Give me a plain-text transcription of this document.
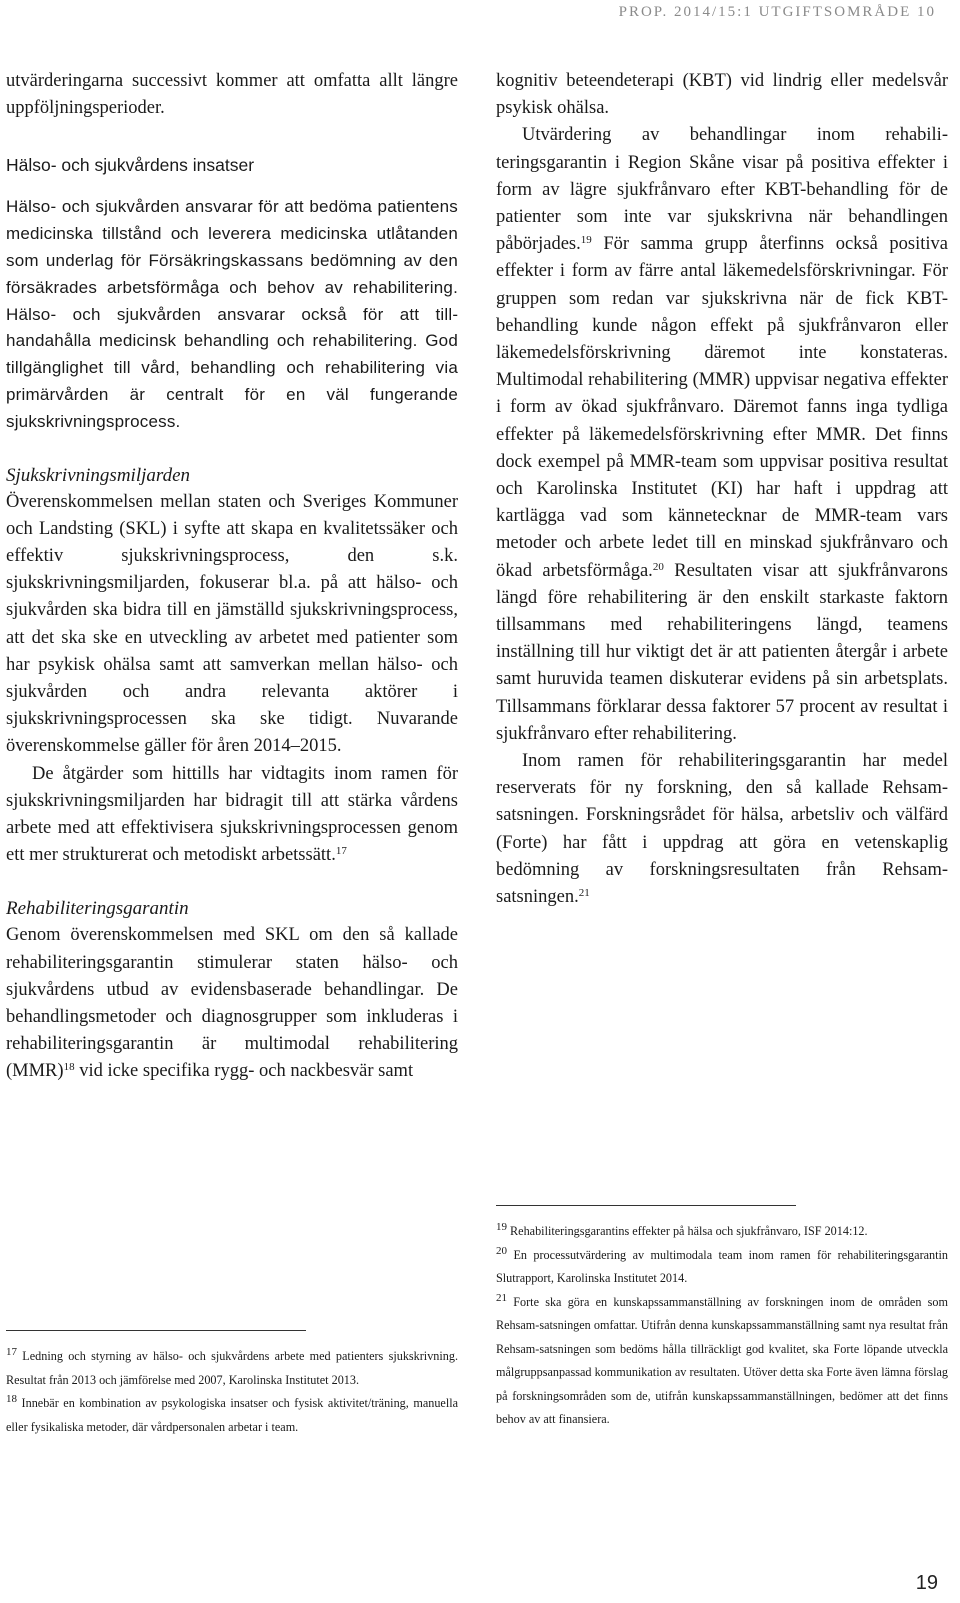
PROP. 2014/15:1 UTGIFTSOMRÅDE 10

utvärderingarna successivt kommer att omfatta allt längre uppföljningsperioder.

Hälso- och sjukvårdens insatser

Hälso- och sjukvården ansvarar för att bedöma patientens medicinska tillstånd och leverera medicinska utlåtanden som underlag för Försäkringskassans bedömning av den försäkrades arbetsförmåga och behov av rehabilitering. Hälso- och sjukvården ansvarar också för att tillhandahålla medicinsk behandling och rehabilitering. God tillgänglighet till vård, behandling och rehabilitering via primärvården är centralt för en väl fungerande sjukskrivningsprocess.

Sjukskrivningsmiljarden

Överenskommelsen mellan staten och Sveriges Kommuner och Landsting (SKL) i syfte att skapa en kvalitetssäker och effektiv sjukskrivningsprocess, den s.k. sjukskrivningsmiljarden, fokuserar bl.a. på att hälso- och sjukvården ska bidra till en jämställd sjukskrivningsprocess, att det ska ske en utveckling av arbetet med patienter som har psykisk ohälsa samt att samverkan mellan hälso- och sjukvården och andra relevanta aktörer i sjukskrivningsprocessen ska ske tidigt. Nuvarande överenskommelse gäller för åren 2014–2015.

De åtgärder som hittills har vidtagits inom ramen för sjukskrivningsmiljarden har bidragit till att stärka vårdens arbete med att effektivisera sjukskrivningsprocessen genom ett mer strukturerat och metodiskt arbetssätt.$^{17}$

Rehabiliteringsgarantin

Genom överenskommelsen med SKL om den så kallade rehabiliteringsgarantin stimulerar staten hälso- och sjukvårdens utbud av evidensbaserade behandlingar. De behandlingsmetoder och diagnosgrupper som inkluderas i rehabiliteringsgarantin är multimodal rehabilitering (MMR)$^{18}$ vid icke specifika rygg- och nackbesvär samt

kognitiv beteendeterapi (KBT) vid lindrig eller medelsvår psykisk ohälsa.

Utvärdering av behandlingar inom rehabiliteringsgarantin i Region Skåne visar på positiva effekter i form av lägre sjukfrånvaro efter KBT-behandling för de patienter som inte var sjukskrivna när behandlingen påbörjades.$^{19}$ För samma grupp återfinns också positiva effekter i form av färre antal läkemedelsförskrivningar. För gruppen som redan var sjukskrivna när de fick KBT-behandling kunde någon effekt på sjukfrånvaron eller läkemedelsförskrivning däremot inte konstateras. Multimodal rehabilitering (MMR) uppvisar negativa effekter i form av ökad sjukfrånvaro. Däremot fanns inga tydliga effekter på läkemedelsförskrivning efter MMR. Det finns dock exempel på MMR-team som uppvisar positiva resultat och Karolinska Institutet (KI) har haft i uppdrag att kartlägga vad som kännetecknar de MMR-team vars metoder och arbete ledet till en minskad sjukfrånvaro och ökad arbetsförmåga.$^{20}$ Resultaten visar att sjukfrånvarons längd före rehabilitering är den enskilt starkaste faktorn tillsammans med rehabiliteringens längd, teamens inställning till hur viktigt det är att patienten återgår i arbete samt huruvida teamen diskuterar evidens på sin arbetsplats. Tillsammans förklarar dessa faktorer 57 procent av resultat i sjukfrånvaro efter rehabilitering.

Inom ramen för rehabiliteringsgarantin har medel reserverats för ny forskning, den så kallade Rehsam-satsningen. Forskningsrådet för hälsa, arbetsliv och välfärd (Forte) har fått i uppdrag att göra en vetenskaplig bedömning av forskningsresultaten från Rehsam-satsningen.$^{21}$

$^{17}$ Ledning och styrning av hälso- och sjukvårdens arbete med patienters sjukskrivning. Resultat från 2013 och jämförelse med 2007, Karolinska Institutet 2013.

$^{18}$ Innebär en kombination av psykologiska insatser och fysisk aktivitet/träning, manuella eller fysikaliska metoder, där vårdpersonalen arbetar i team.

$^{19}$ Rehabiliteringsgarantins effekter på hälsa och sjukfrånvaro, ISF 2014:12.

$^{20}$ En processutvärdering av multimodala team inom ramen för rehabiliteringsgarantin Slutrapport, Karolinska Institutet 2014.

$^{21}$ Forte ska göra en kunskapssammanställning av forskningen inom de områden som Rehsam-satsningen omfattar. Utifrån denna kunskapssammanställning samt nya resultat från Rehsam-satsningen som bedöms hålla tillräckligt god kvalitet, ska Forte löpande utveckla målgruppsanpassad kommunikation av resultaten. Utöver detta ska Forte även lämna förslag på forskningsområden som de, utifrån kunskapssammanställningen, bedömer att det finns behov av att finansiera.

19
